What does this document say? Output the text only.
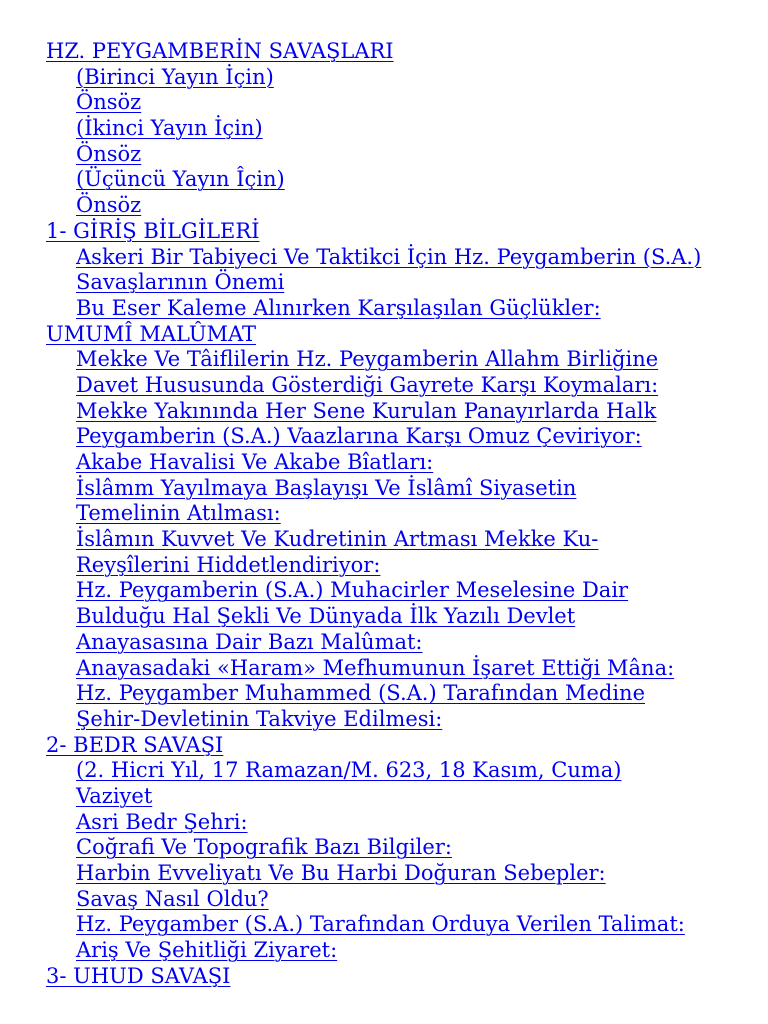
HZ. PEYGAMBERİN SAVAŞLARI
(Birinci Yayın İçin)
Önsöz
(İkinci Yayın İçin)
Önsöz
(Üçüncü Yayın Îçin)
Önsöz
1- GİRİŞ BİLGİLERİ
Askeri Bir Tabiyeci Ve Taktikci İçin Hz. Peygamberin (S.A.)
Savaşlarının Önemi
Bu Eser Kaleme Alınırken Karşılaşılan Güçlükler:
UMUMÎ MALÛMAT
Mekke Ve Tâiflilerin Hz. Peygamberin Allahm Birliğine
Davet Hususunda Gösterdiği Gayrete Karşı Koymaları:
Mekke Yakınında Her Sene Kurulan Panayırlarda Halk
Peygamberin (S.A.) Vaazlarına Karşı Omuz Çeviriyor:
Akabe Havalisi Ve Akabe Bîatları:
İslâmm Yayılmaya Başlayışı Ve İslâmî Siyasetin
Temelinin Atılması:
İslâmın Kuvvet Ve Kudretinin Artması Mekke Ku-
Reyşîlerini Hiddetlendiriyor:
Hz. Peygamberin (S.A.) Muhacirler Meselesine Dair
Bulduğu Hal Şekli Ve Dünyada İlk Yazılı Devlet
Anayasasına Dair Bazı Malûmat:
Anayasadaki «Haram» Mefhumunun İşaret Ettiği Mâna:
Hz. Peygamber Muhammed (S.A.) Tarafından Medine
Şehir-Devletinin Takviye Edilmesi:
2- BEDR SAVAŞI
(2. Hicri Yıl, 17 Ramazan/M. 623, 18 Kasım, Cuma)
Vaziyet
Asri Bedr Şehri:
Coğrafi Ve Topografik Bazı Bilgiler:
Harbin Evveliyatı Ve Bu Harbi Doğuran Sebepler:
Savaş Nasıl Oldu?
Hz. Peygamber (S.A.) Tarafından Orduya Verilen Talimat:
Ariş Ve Şehitliği Ziyaret:
3- UHUD SAVAŞI
